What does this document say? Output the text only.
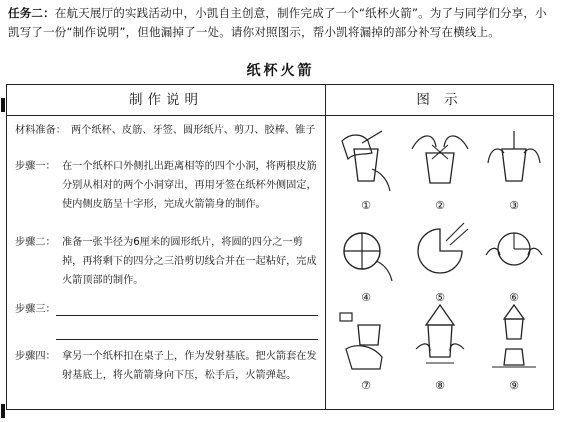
任务二：在航天展厅的实践活动中，小凯自主创意，制作完成了一个“纸杯火箭”。为了与同学们分享，小凯写了一份“制作说明”，但他漏掉了一处。请你对照图示，帮小凯将漏掉的部分补写在横线上。
纸杯火箭
制作说明
材料准备： 两个纸杯、皮筋、牙签、圆形纸片、剪刀、胶棒、锥子
步骤一： 在一个纸杯口外侧扎出距离相等的四个小洞，将两根皮筋分别从相对的两个小洞穿出，再用牙签在纸杯外侧固定，使内侧皮筋呈十字形，完成火箭箭身的制作。
步骤二： 准备一张半径为6厘米的圆形纸片，将圆的四分之一剪掉，再将剩下的四分之三沿剪切线合并在一起粘好，完成火箭顶部的制作。
步骤三：
步骤四： 拿另一个纸杯扣在桌子上，作为发射基底。把火箭套在发射基底上，将火箭箭身向下压，松手后，火箭弹起。
图 示
①	②	③
④	⑤	⑥
⑦	⑧	⑨
